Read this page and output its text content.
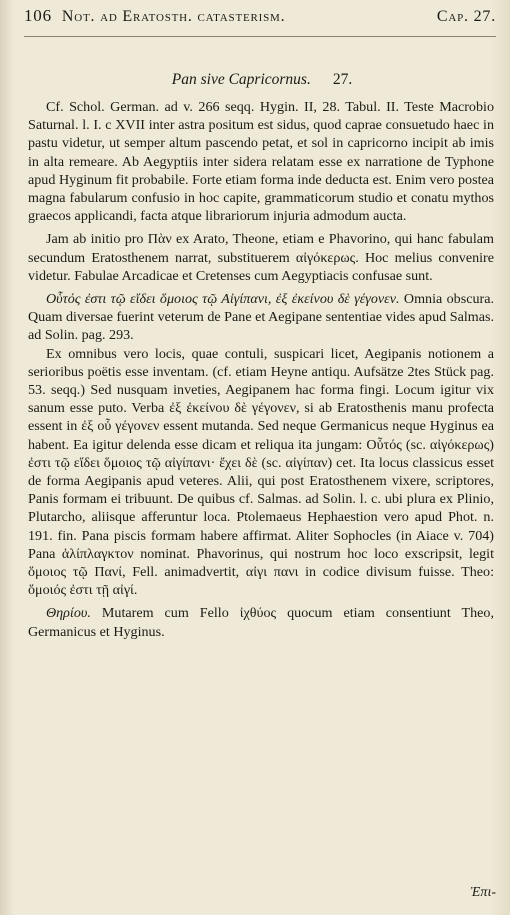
106 Not. ad Eratosth. catasterism.	Cap. 27.
Pan sive Capricornus. 27.

Cf. Schol. German. ad v. 266 seqq. Hygin. II, 28. Tabul. II. Teste Macrobio Saturnal. l. I. c XVII inter astra positum est sidus, quod caprae consuetudo haec in pastu videtur, ut semper altum pascendo petat, et sol in capricorno incipit ab imis in alta remeare. Ab Aegyptiis inter sidera relatam esse ex narratione de Typhone apud Hyginum fit probabile. Forte etiam forma inde deducta est. Enim vero postea magna fabularum confusio in hoc capite, grammaticorum studio et conatu mythos graecos applicandi, facta atque librariorum injuria admodum aucta.

Jam ab initio pro Πὰν ex Arato, Theone, etiam e Phavorino, qui hanc fabulam secundum Eratosthenem narrat, substituerem αἰγόκερως. Hoc melius convenire videtur. Fabulae Arcadicae et Cretenses cum Aegyptiacis confusae sunt.

Οὗτός ἐστι τῷ εἴδει ὅμοιος τῷ Αἰγίπανι, ἐξ ἐκείνου δὲ γέγονεν. Omnia obscura. Quam diversae fuerint veterum de Pane et Aegipane sententiae vides apud Salmas. ad Solin. pag. 293.

Ex omnibus vero locis, quae contuli, suspicari licet, Aegipanis notionem a serioribus poëtis esse inventam. (cf. etiam Heyne antiqu. Aufsätze 2tes Stück pag. 53. seqq.) Sed nusquam inveties, Aegipanem hac forma fingi. Locum igitur vix sanum esse puto. Verba ἐξ ἐκείνου δὲ γέγονεν, si ab Eratosthenis manu profecta essent in ἐξ οὗ γέγονεν essent mutanda. Sed neque Germanicus neque Hyginus ea habent. Ea igitur delenda esse dicam et reliqua ita jungam: Οὗτός (sc. αἰγόκερως) ἐστι τῷ εἴδει ὅμοιος τῷ αἰγίπανι· ἔχει δὲ (sc. αἰγίπαν) cet. Ita locus classicus esset de forma Aegipanis apud veteres. Alii, qui post Eratosthenem vixere, scriptores, Panis formam ei tribuunt. De quibus cf. Salmas. ad Solin. l. c. ubi plura ex Plinio, Plutarcho, aliisque afferuntur loca. Ptolemaeus Hephaestion vero apud Phot. n. 191. fin. Pana piscis formam habere affirmat. Aliter Sophocles (in Aiace v. 704) Pana ἁλίπλαγκτον nominat. Phavorinus, qui nostrum hoc loco exscripsit, legit ὅμοιος τῷ Πανί, Fell. animadvertit, αἰγι πανι in codice divisum fuisse. Theo: ὅμοιός ἐστι τῇ αἰγί.

Θηρίου. Mutarem cum Fello ἰχθύος quocum etiam consentiunt Theo, Germanicus et Hyginus.

Ἐπι-
